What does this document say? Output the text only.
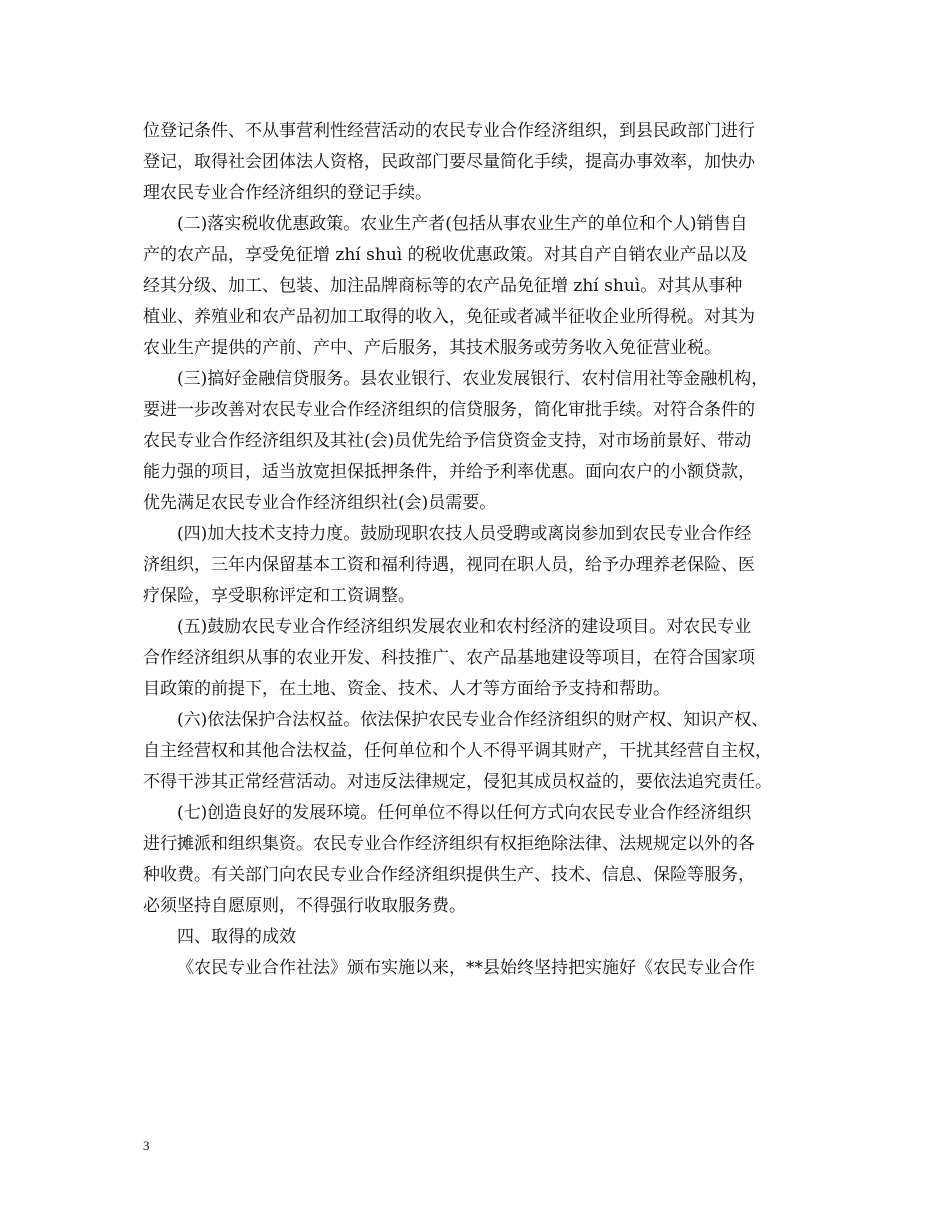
位登记条件、不从事营利性经营活动的农民专业合作经济组织，到县民政部门进行
登记，取得社会团体法人资格，民政部门要尽量简化手续，提高办事效率，加快办
理农民专业合作经济组织的登记手续。
(二)落实税收优惠政策。农业生产者(包括从事农业生产的单位和个人)销售自
产的农产品，享受免征增 zhí shuì 的税收优惠政策。对其自产自销农业产品以及
经其分级、加工、包装、加注品牌商标等的农产品免征增 zhí shuì。对其从事种
植业、养殖业和农产品初加工取得的收入，免征或者减半征收企业所得税。对其为
农业生产提供的产前、产中、产后服务，其技术服务或劳务收入免征营业税。
(三)搞好金融信贷服务。县农业银行、农业发展银行、农村信用社等金融机构，
要进一步改善对农民专业合作经济组织的信贷服务，简化审批手续。对符合条件的
农民专业合作经济组织及其社(会)员优先给予信贷资金支持，对市场前景好、带动
能力强的项目，适当放宽担保抵押条件，并给予利率优惠。面向农户的小额贷款，
优先满足农民专业合作经济组织社(会)员需要。
(四)加大技术支持力度。鼓励现职农技人员受聘或离岗参加到农民专业合作经
济组织，三年内保留基本工资和福利待遇，视同在职人员，给予办理养老保险、医
疗保险，享受职称评定和工资调整。
(五)鼓励农民专业合作经济组织发展农业和农村经济的建设项目。对农民专业
合作经济组织从事的农业开发、科技推广、农产品基地建设等项目，在符合国家项
目政策的前提下，在土地、资金、技术、人才等方面给予支持和帮助。
(六)依法保护合法权益。依法保护农民专业合作经济组织的财产权、知识产权、
自主经营权和其他合法权益，任何单位和个人不得平调其财产，干扰其经营自主权，
不得干涉其正常经营活动。对违反法律规定，侵犯其成员权益的，要依法追究责任。
(七)创造良好的发展环境。任何单位不得以任何方式向农民专业合作经济组织
进行摊派和组织集资。农民专业合作经济组织有权拒绝除法律、法规规定以外的各
种收费。有关部门向农民专业合作经济组织提供生产、技术、信息、保险等服务，
必须坚持自愿原则，不得强行收取服务费。
四、取得的成效
《农民专业合作社法》颁布实施以来，**县始终坚持把实施好《农民专业合作
3
